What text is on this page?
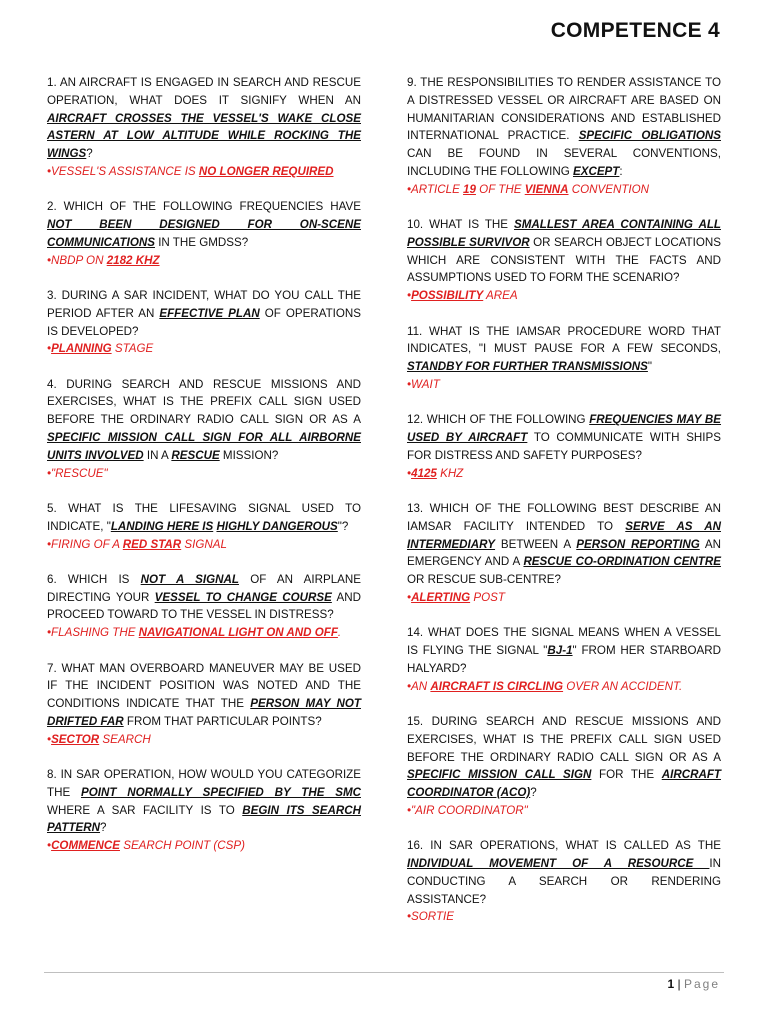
COMPETENCE 4

1. AN AIRCRAFT IS ENGAGED IN SEARCH AND RESCUE OPERATION, WHAT DOES IT SIGNIFY WHEN AN AIRCRAFT CROSSES THE VESSEL'S WAKE CLOSE ASTERN AT LOW ALTITUDE WHILE ROCKING THE WINGS?

•VESSEL'S ASSISTANCE IS NO LONGER REQUIRED

2. WHICH OF THE FOLLOWING FREQUENCIES HAVE NOT BEEN DESIGNED FOR ON-SCENE COMMUNICATIONS IN THE GMDSS?

•NBDP ON 2182 KHZ

3. DURING A SAR INCIDENT, WHAT DO YOU CALL THE PERIOD AFTER AN EFFECTIVE PLAN OF OPERATIONS IS DEVELOPED?

•PLANNING STAGE

4. DURING SEARCH AND RESCUE MISSIONS AND EXERCISES, WHAT IS THE PREFIX CALL SIGN USED BEFORE THE ORDINARY RADIO CALL SIGN OR AS A SPECIFIC MISSION CALL SIGN FOR ALL AIRBORNE UNITS INVOLVED IN A RESCUE MISSION?

•"RESCUE"

5. WHAT IS THE LIFESAVING SIGNAL USED TO INDICATE, "LANDING HERE IS HIGHLY DANGEROUS"?

•FIRING OF A RED STAR SIGNAL

6. WHICH IS NOT A SIGNAL OF AN AIRPLANE DIRECTING YOUR VESSEL TO CHANGE COURSE AND PROCEED TOWARD TO THE VESSEL IN DISTRESS?

•FLASHING THE NAVIGATIONAL LIGHT ON AND OFF.

7. WHAT MAN OVERBOARD MANEUVER MAY BE USED IF THE INCIDENT POSITION WAS NOTED AND THE CONDITIONS INDICATE THAT THE PERSON MAY NOT DRIFTED FAR FROM THAT PARTICULAR POINTS?

•SECTOR SEARCH

8. IN SAR OPERATION, HOW WOULD YOU CATEGORIZE THE POINT NORMALLY SPECIFIED BY THE SMC WHERE A SAR FACILITY IS TO BEGIN ITS SEARCH PATTERN?

•COMMENCE SEARCH POINT (CSP)

9. THE RESPONSIBILITIES TO RENDER ASSISTANCE TO A DISTRESSED VESSEL OR AIRCRAFT ARE BASED ON HUMANITARIAN CONSIDERATIONS AND ESTABLISHED INTERNATIONAL PRACTICE. SPECIFIC OBLIGATIONS CAN BE FOUND IN SEVERAL CONVENTIONS, INCLUDING THE FOLLOWING EXCEPT:

•ARTICLE 19 OF THE VIENNA CONVENTION

10. WHAT IS THE SMALLEST AREA CONTAINING ALL POSSIBLE SURVIVOR OR SEARCH OBJECT LOCATIONS WHICH ARE CONSISTENT WITH THE FACTS AND ASSUMPTIONS USED TO FORM THE SCENARIO?

•POSSIBILITY AREA

11. WHAT IS THE IAMSAR PROCEDURE WORD THAT INDICATES, "I MUST PAUSE FOR A FEW SECONDS, STANDBY FOR FURTHER TRANSMISSIONS"

•WAIT

12. WHICH OF THE FOLLOWING FREQUENCIES MAY BE USED BY AIRCRAFT TO COMMUNICATE WITH SHIPS FOR DISTRESS AND SAFETY PURPOSES?

•4125 KHZ

13. WHICH OF THE FOLLOWING BEST DESCRIBE AN IAMSAR FACILITY INTENDED TO SERVE AS AN INTERMEDIARY BETWEEN A PERSON REPORTING AN EMERGENCY AND A RESCUE CO-ORDINATION CENTRE OR RESCUE SUB-CENTRE?

•ALERTING POST

14. WHAT DOES THE SIGNAL MEANS WHEN A VESSEL IS FLYING THE SIGNAL "BJ-1" FROM HER STARBOARD HALYARD?

•AN AIRCRAFT IS CIRCLING OVER AN ACCIDENT.

15. DURING SEARCH AND RESCUE MISSIONS AND EXERCISES, WHAT IS THE PREFIX CALL SIGN USED BEFORE THE ORDINARY RADIO CALL SIGN OR AS A SPECIFIC MISSION CALL SIGN FOR THE AIRCRAFT COORDINATOR (ACO)?

•"AIR COORDINATOR"

16. IN SAR OPERATIONS, WHAT IS CALLED AS THE INDIVIDUAL MOVEMENT OF A RESOURCE IN CONDUCTING A SEARCH OR RENDERING ASSISTANCE?

•SORTIE

1 | Page
